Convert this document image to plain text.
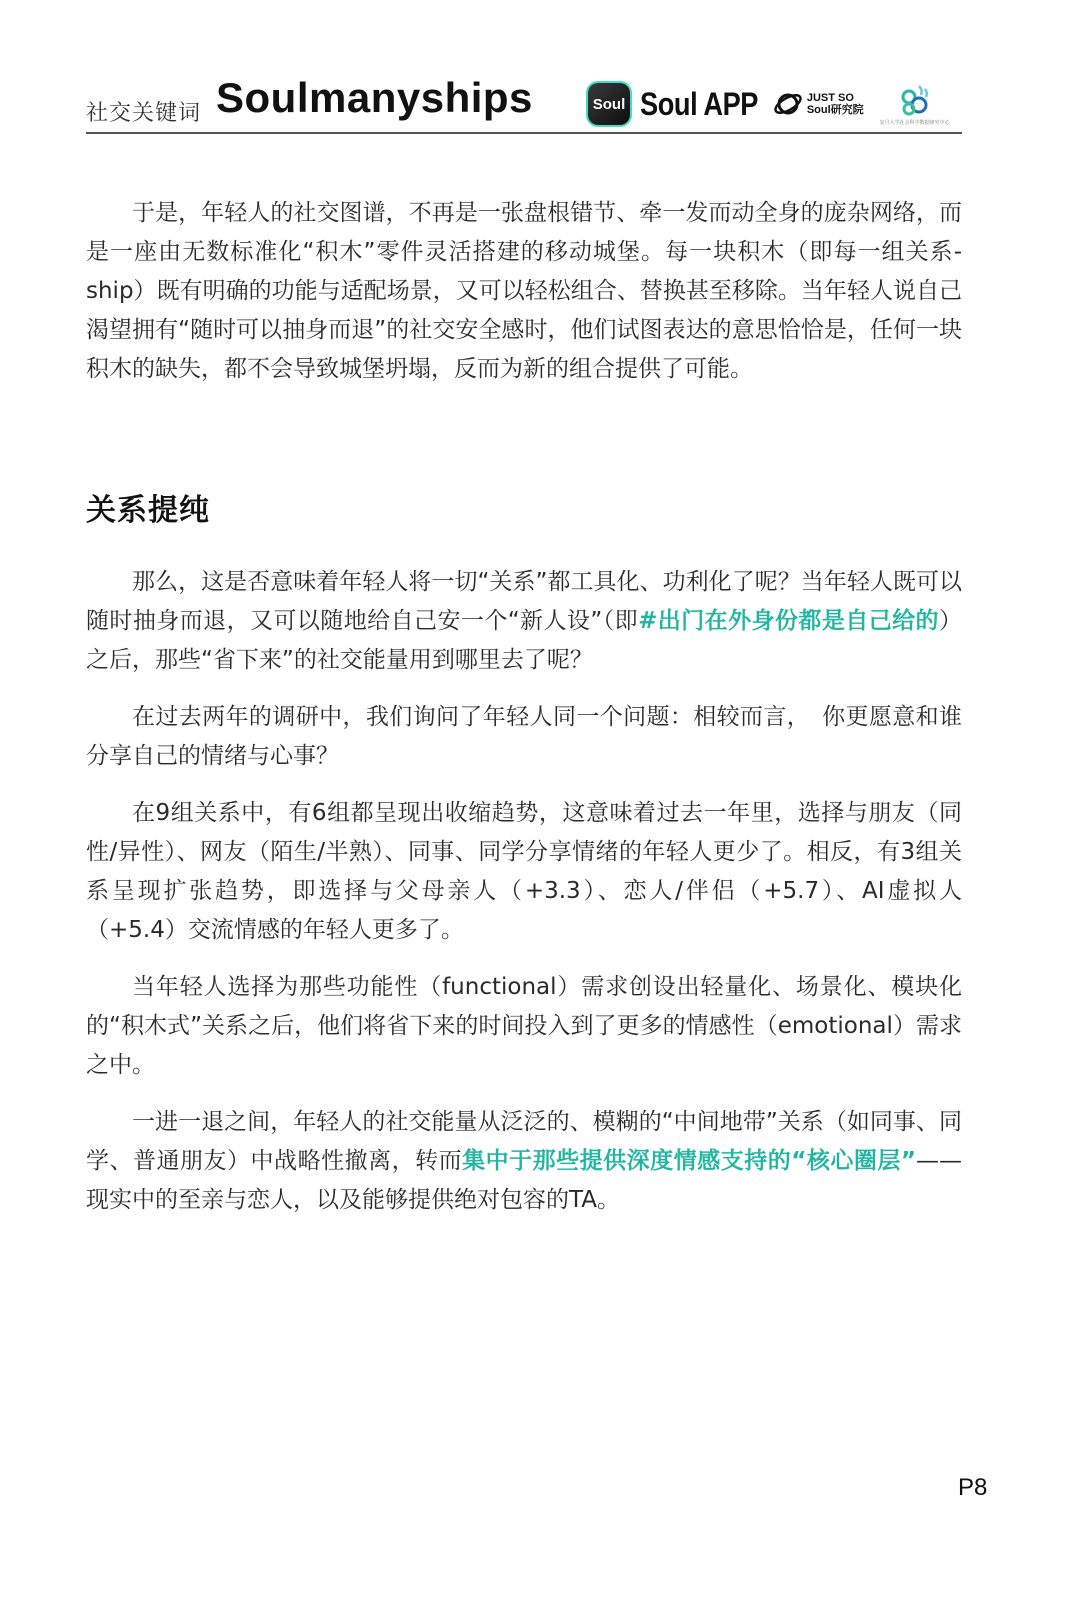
社交关键词 Soulmanyships	Soul Soul APP	JUST SO
Soul研究院
复旦大学社会科学数据研究中心

于是，年轻人的社交图谱，不再是一张盘根错节、牵一发而动全身的庞杂网络，而是一座由无数标准化“积木”零件灵活搭建的移动城堡。每一块积木（即每一组关系-ship）既有明确的功能与适配场景，又可以轻松组合、替换甚至移除。当年轻人说自己渴望拥有“随时可以抽身而退”的社交安全感时，他们试图表达的意思恰恰是，任何一块积木的缺失，都不会导致城堡坍塌，反而为新的组合提供了可能。

关系提纯

那么，这是否意味着年轻人将一切“关系”都工具化、功利化了呢？当年轻人既可以随时抽身而退，又可以随地给自己安一个“新人设”（即#出门在外身份都是自己给的）之后，那些“省下来”的社交能量用到哪里去了呢？

在过去两年的调研中，我们询问了年轻人同一个问题：相较而言，　你更愿意和谁分享自己的情绪与心事？

在9组关系中，有6组都呈现出收缩趋势，这意味着过去一年里，选择与朋友（同性/异性）、网友（陌生/半熟）、同事、同学分享情绪的年轻人更少了。相反，有3组关系呈现扩张趋势，即选择与父母亲人（+3.3）、恋人/伴侣（+5.7）、AI虚拟人（+5.4）交流情感的年轻人更多了。

当年轻人选择为那些功能性（functional）需求创设出轻量化、场景化、模块化的“积木式”关系之后，他们将省下来的时间投入到了更多的情感性（emotional）需求之中。

一进一退之间，年轻人的社交能量从泛泛的、模糊的“中间地带”关系（如同事、同学、普通朋友）中战略性撤离，转而集中于那些提供深度情感支持的“核心圈层”——现实中的至亲与恋人，以及能够提供绝对包容的TA。

P8
